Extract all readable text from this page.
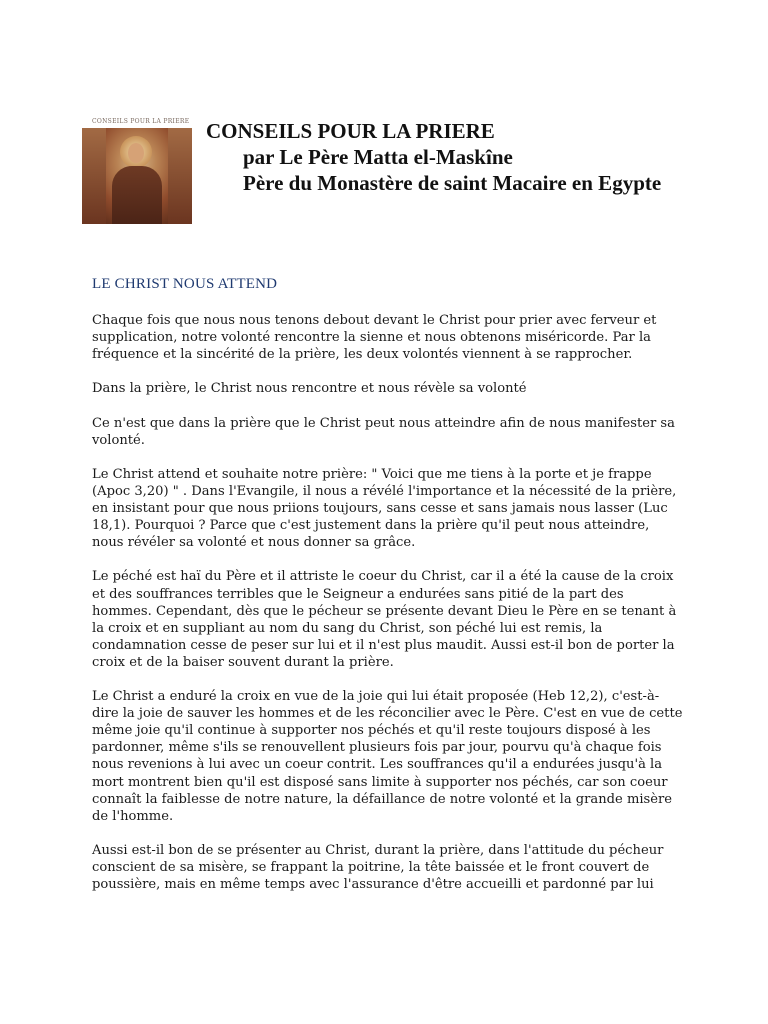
CONSEILS POUR LA PRIERE CONSEILS POUR LA PRIERE
par Le Père Matta el-Maskîne
Père du Monastère de saint Macaire en Egypte
LE CHRIST NOUS ATTEND

Chaque fois que nous nous tenons debout devant le Christ pour prier avec ferveur et supplication, notre volonté rencontre la sienne et nous obtenons miséricorde. Par la fréquence et la sincérité de la prière, les deux volontés viennent à se rapprocher.

Dans la prière, le Christ nous rencontre et nous révèle sa volonté

Ce n'est que dans la prière que le Christ peut nous atteindre afin de nous manifester sa volonté.

Le Christ attend et souhaite notre prière: " Voici que me tiens à la porte et je frappe (Apoc 3,20) " . Dans l'Evangile, il nous a révélé l'importance et la nécessité de la prière, en insistant pour que nous priions toujours, sans cesse et sans jamais nous lasser (Luc 18,1). Pourquoi ? Parce que c'est justement dans la prière qu'il peut nous atteindre, nous révéler sa volonté et nous donner sa grâce.

Le péché est haï du Père et il attriste le coeur du Christ, car il a été la cause de la croix et des souffrances terribles que le Seigneur a endurées sans pitié de la part des hommes. Cependant, dès que le pécheur se présente devant Dieu le Père en se tenant à la croix et en suppliant au nom du sang du Christ, son péché lui est remis, la condamnation cesse de peser sur lui et il n'est plus maudit. Aussi est-il bon de porter la croix et de la baiser souvent durant la prière.

Le Christ a enduré la croix en vue de la joie qui lui était proposée (Heb 12,2), c'est-à-dire la joie de sauver les hommes et de les réconcilier avec le Père. C'est en vue de cette même joie qu'il continue à supporter nos péchés et qu'il reste toujours disposé à les pardonner, même s'ils se renouvellent plusieurs fois par jour, pourvu qu'à chaque fois nous revenions à lui avec un coeur contrit. Les souffrances qu'il a endurées jusqu'à la mort montrent bien qu'il est disposé sans limite à supporter nos péchés, car son coeur connaît la faiblesse de notre nature, la défaillance de notre volonté et la grande misère de l'homme.

Aussi est-il bon de se présenter au Christ, durant la prière, dans l'attitude du pécheur conscient de sa misère, se frappant la poitrine, la tête baissée et le front couvert de poussière, mais en même temps avec l'assurance d'être accueilli et pardonné par lui
